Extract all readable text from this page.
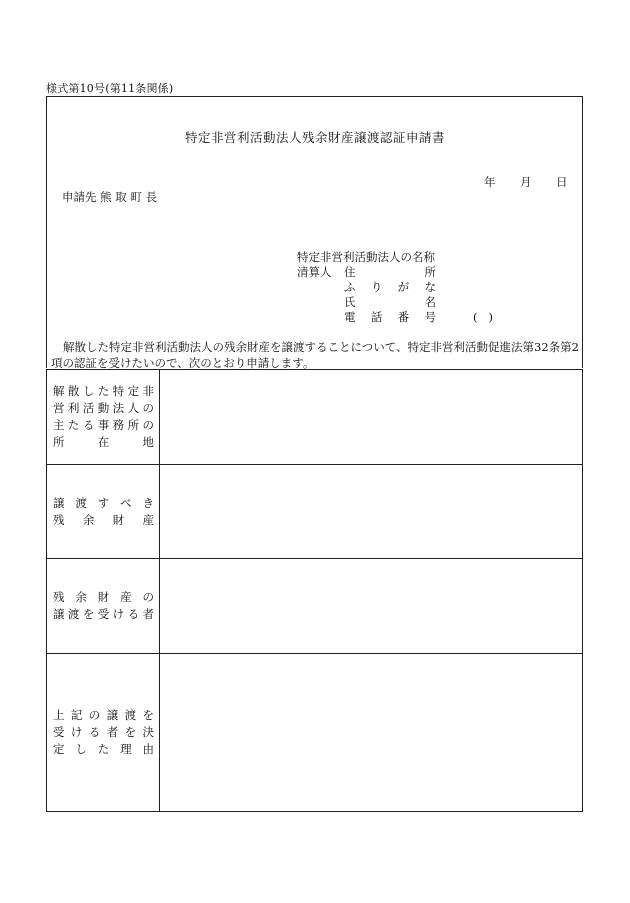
様式第10号(第11条関係)
特定非営利活動法人残余財産譲渡認証申請書
年 月 日
申請先 熊 取 町 長
特定非営利活動法人の名称
清算人 住 所
ふ り が な
氏 名
電 話 番 号	(   )
解散した特定非営利活動法人の残余財産を譲渡することについて、特定非営利活動促進法第32条第2項の認証を受けたいので、次のとおり申請します。
解散した特定非
営利活動法人の
主たる事務所の
所 在 地	

譲 渡 す べ き
残 余 財 産	

残 余 財 産 の
譲渡を受ける者	

上記の譲渡を
受ける者を決
定 し た 理 由	
